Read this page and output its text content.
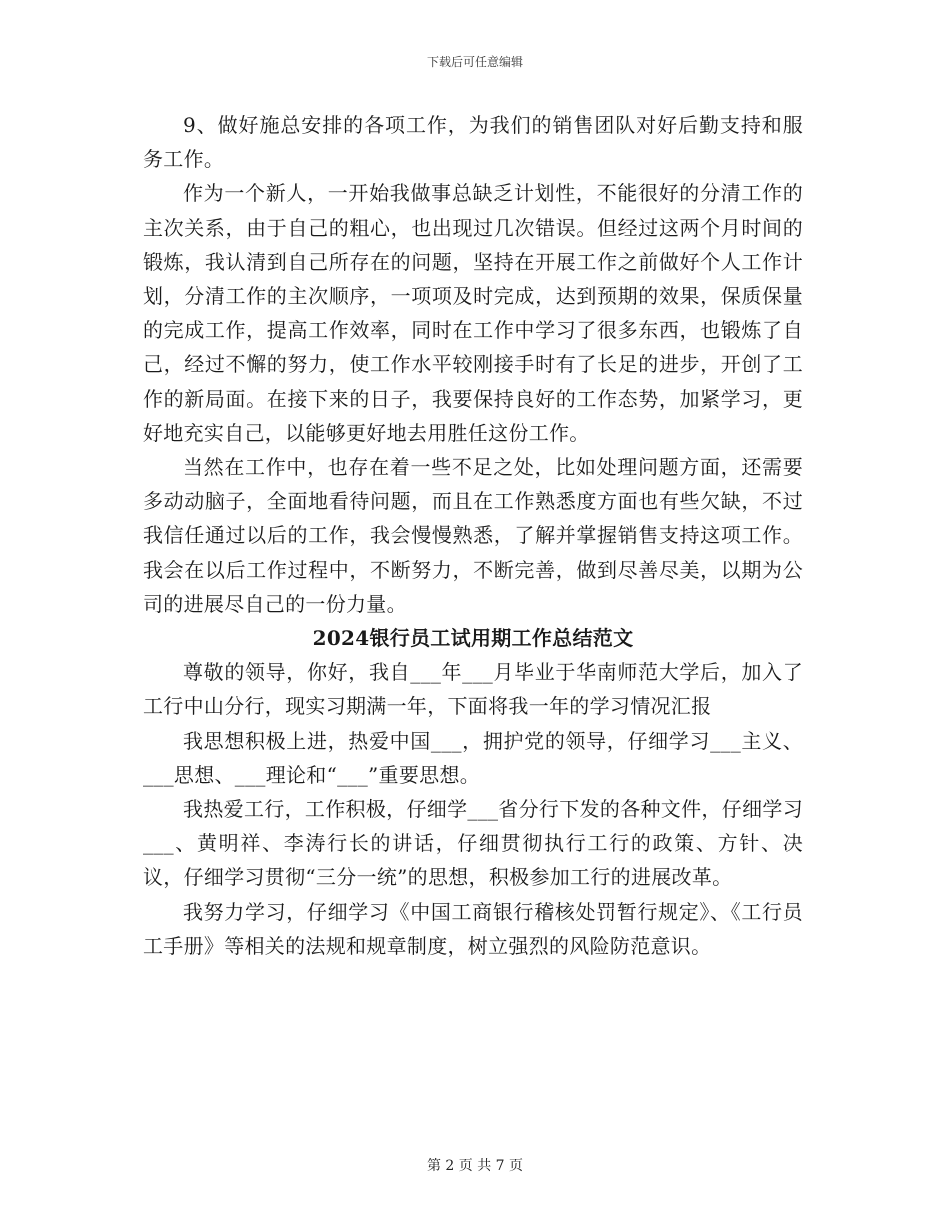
下载后可任意编辑

9、做好施总安排的各项工作，为我们的销售团队对好后勤支持和服务工作。

作为一个新人，一开始我做事总缺乏计划性，不能很好的分清工作的主次关系，由于自己的粗心，也出现过几次错误。但经过这两个月时间的锻炼，我认清到自己所存在的问题，坚持在开展工作之前做好个人工作计划，分清工作的主次顺序，一项项及时完成，达到预期的效果，保质保量的完成工作，提高工作效率，同时在工作中学习了很多东西，也锻炼了自己，经过不懈的努力，使工作水平较刚接手时有了长足的进步，开创了工作的新局面。在接下来的日子，我要保持良好的工作态势，加紧学习，更好地充实自己，以能够更好地去用胜任这份工作。

当然在工作中，也存在着一些不足之处，比如处理问题方面，还需要多动动脑子，全面地看待问题，而且在工作熟悉度方面也有些欠缺，不过我信任通过以后的工作，我会慢慢熟悉，了解并掌握销售支持这项工作。我会在以后工作过程中，不断努力，不断完善，做到尽善尽美，以期为公司的进展尽自己的一份力量。

2024银行员工试用期工作总结范文

尊敬的领导，你好，我自___年___月毕业于华南师范大学后，加入了工行中山分行，现实习期满一年，下面将我一年的学习情况汇报

我思想积极上进，热爱中国___，拥护党的领导，仔细学习___主义、___思想、___理论和“___”重要思想。

我热爱工行，工作积极，仔细学___省分行下发的各种文件，仔细学习___、黄明祥、李涛行长的讲话，仔细贯彻执行工行的政策、方针、决议，仔细学习贯彻“三分一统”的思想，积极参加工行的进展改革。

我努力学习，仔细学习《中国工商银行稽核处罚暂行规定》、《工行员工手册》等相关的法规和规章制度，树立强烈的风险防范意识。

第 2 页 共 7 页
